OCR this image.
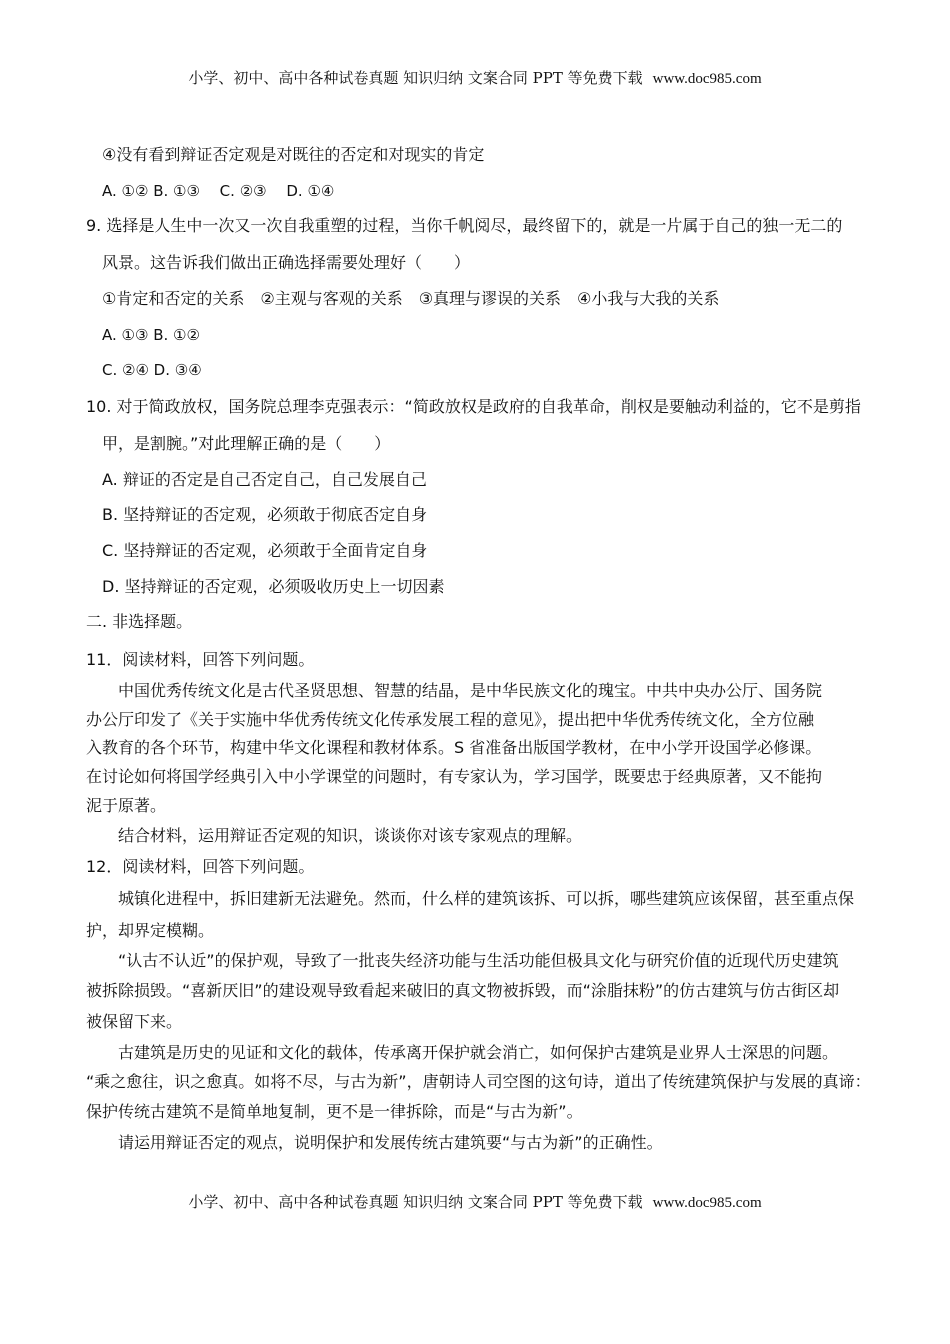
小学、初中、高中各种试卷真题 知识归纳 文案合同 PPT 等免费下载 www.doc985.com
④没有看到辩证否定观是对既往的否定和对现实的肯定
A. ①② B. ①③　 C. ②③　 D. ①④
9. 选择是人生中一次又一次自我重塑的过程，当你千帆阅尽，最终留下的，就是一片属于自己的独一无二的
风景。这告诉我们做出正确选择需要处理好（　　）
①肯定和否定的关系　②主观与客观的关系　③真理与谬误的关系　④小我与大我的关系
A. ①③ B. ①②
C. ②④ D. ③④
10. 对于简政放权，国务院总理李克强表示：“简政放权是政府的自我革命，削权是要触动利益的，它不是剪指
甲，是割腕。”对此理解正确的是（　　）
A. 辩证的否定是自己否定自己，自己发展自己
B. 坚持辩证的否定观，必须敢于彻底否定自身
C. 坚持辩证的否定观，必须敢于全面肯定自身
D. 坚持辩证的否定观，必须吸收历史上一切因素
二. 非选择题。
11．阅读材料，回答下列问题。
中国优秀传统文化是古代圣贤思想、智慧的结晶，是中华民族文化的瑰宝。中共中央办公厅、国务院
办公厅印发了《关于实施中华优秀传统文化传承发展工程的意见》，提出把中华优秀传统文化，全方位融
入教育的各个环节，构建中华文化课程和教材体系。S 省准备出版国学教材，在中小学开设国学必修课。
在讨论如何将国学经典引入中小学课堂的问题时，有专家认为，学习国学，既要忠于经典原著，又不能拘
泥于原著。
结合材料，运用辩证否定观的知识，谈谈你对该专家观点的理解。
12．阅读材料，回答下列问题。
城镇化进程中，拆旧建新无法避免。然而，什么样的建筑该拆、可以拆，哪些建筑应该保留，甚至重点保
护，却界定模糊。
“认古不认近”的保护观，导致了一批丧失经济功能与生活功能但极具文化与研究价值的近现代历史建筑
被拆除损毁。“喜新厌旧”的建设观导致看起来破旧的真文物被拆毁，而“涂脂抹粉”的仿古建筑与仿古街区却
被保留下来。
古建筑是历史的见证和文化的载体，传承离开保护就会消亡，如何保护古建筑是业界人士深思的问题。
“乘之愈往，识之愈真。如将不尽，与古为新”，唐朝诗人司空图的这句诗，道出了传统建筑保护与发展的真谛：
保护传统古建筑不是简单地复制，更不是一律拆除，而是“与古为新”。
请运用辩证否定的观点，说明保护和发展传统古建筑要“与古为新”的正确性。
小学、初中、高中各种试卷真题 知识归纳 文案合同 PPT 等免费下载 www.doc985.com
